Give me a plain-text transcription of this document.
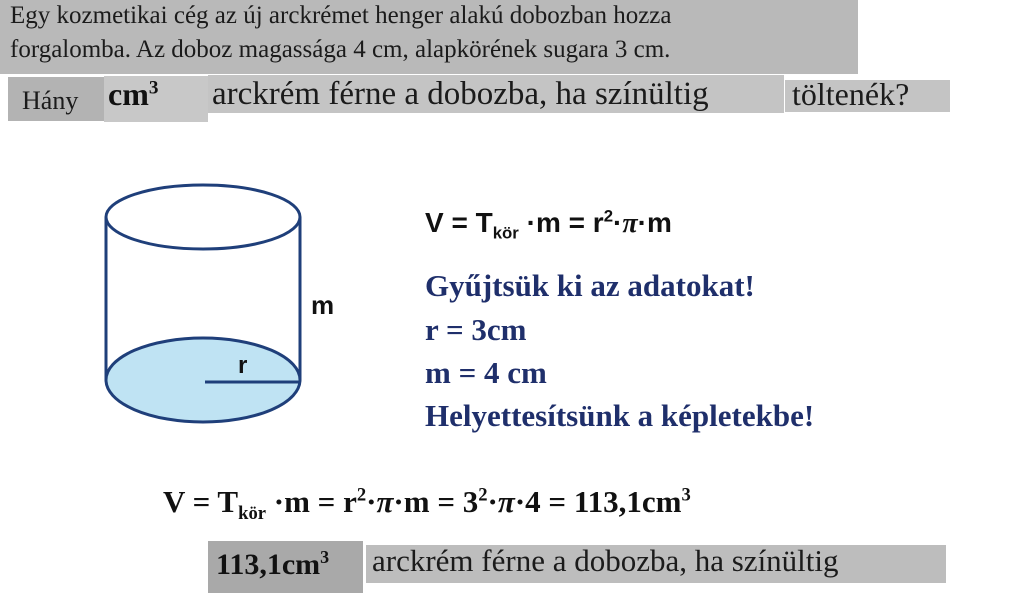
Egy kozmetikai cég az új arckrémet henger alakú dobozban hozza
forgalomba. Az doboz magassága 4 cm, alapkörének sugara 3 cm.
Hány $cm^3$ arckrém férne a dobozba, ha színültig	töltenék?
m
r
$V = T_{kör} \cdot m = r^2\cdot\pi\cdot m$
Gyűjtsük ki az adatokat!
r = 3cm
m = 4 cm
Helyettesítsünk a képletekbe!
$V = T_{kör} \cdot m = r^2\cdot\pi\cdot m = 3^2\cdot\pi\cdot 4 = 113,1cm^3$
$113,1cm^3$ arckrém férne a dobozba, ha színültig
